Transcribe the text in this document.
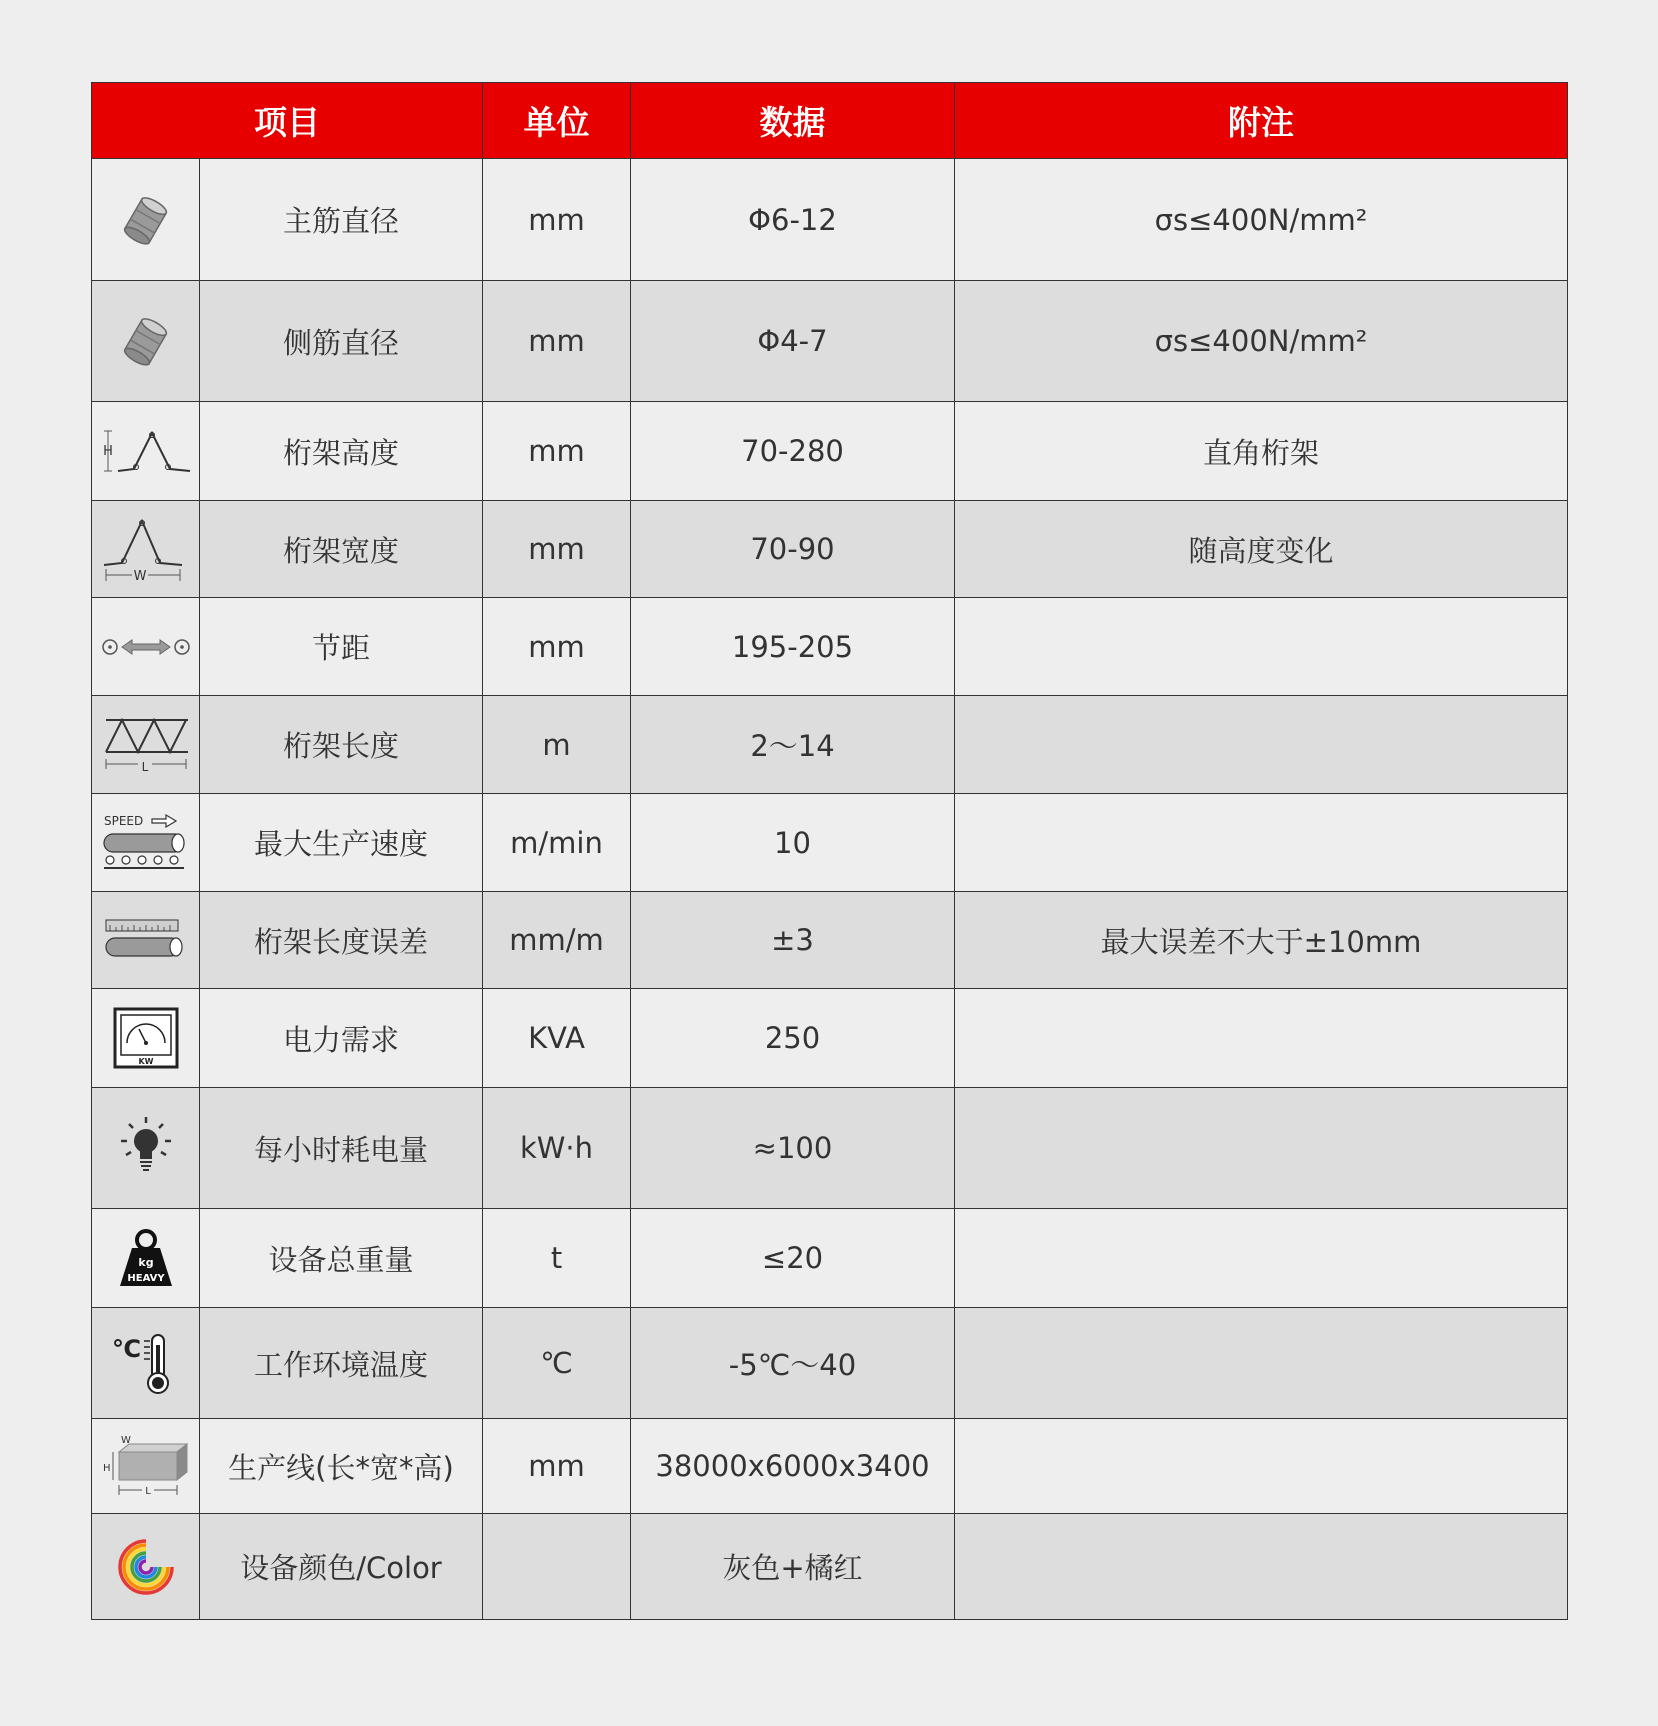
项目		单位	数据	附注

	主筋直径	mm	Φ6-12	σs≤400N/mm²

	侧筋直径	mm	Φ4-7	σs≤400N/mm²

H	桁架高度	mm	70-280	直角桁架

W	桁架宽度	mm	70-90	随高度变化

	节距	mm	195-205	

L	桁架长度	m	2～14	

SPEED	最大生产速度	m/min	10	

	桁架长度误差	mm/m	±3	最大误差不大于±10mm

KW	电力需求	KVA	250	

	每小时耗电量	kW·h	≈100	

kg
HEAVY	设备总重量	t	≤20	

℃	工作环境温度	℃	-5℃～40	

W
H
L	生产线(长*宽*高)	mm	38000x6000x3400	

	设备颜色/Color		灰色+橘红	
